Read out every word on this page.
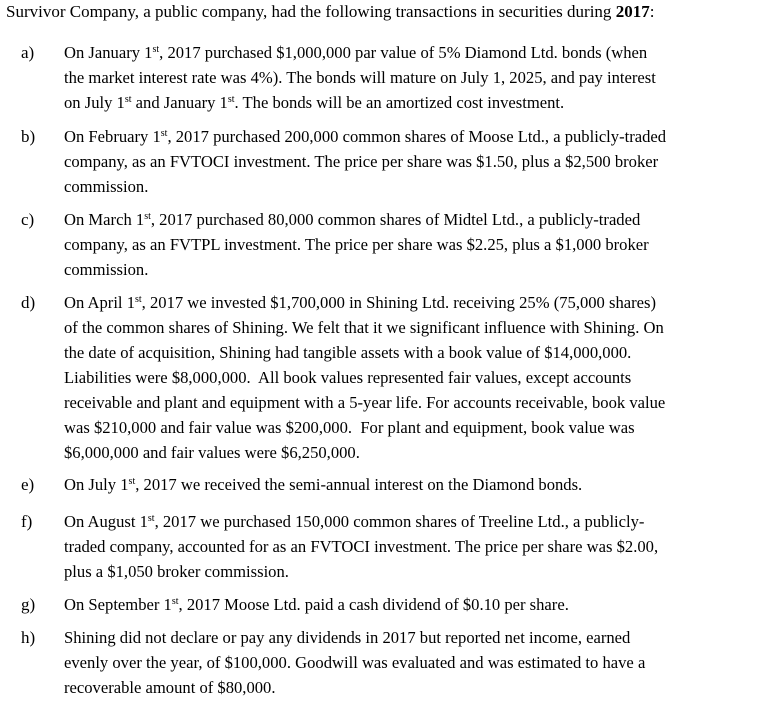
Survivor Company, a public company, had the following transactions in securities during 2017:
a) On January 1st, 2017 purchased $1,000,000 par value of 5% Diamond Ltd. bonds (when
the market interest rate was 4%). The bonds will mature on July 1, 2025, and pay interest
on July 1st and January 1st. The bonds will be an amortized cost investment.
b) On February 1st, 2017 purchased 200,000 common shares of Moose Ltd., a publicly-traded
company, as an FVTOCI investment. The price per share was $1.50, plus a $2,500 broker
commission.
c) On March 1st, 2017 purchased 80,000 common shares of Midtel Ltd., a publicly-traded
company, as an FVTPL investment. The price per share was $2.25, plus a $1,000 broker
commission.
d) On April 1st, 2017 we invested $1,700,000 in Shining Ltd. receiving 25% (75,000 shares)
of the common shares of Shining. We felt that it we significant influence with Shining. On
the date of acquisition, Shining had tangible assets with a book value of $14,000,000.
Liabilities were $8,000,000.  All book values represented fair values, except accounts
receivable and plant and equipment with a 5-year life. For accounts receivable, book value
was $210,000 and fair value was $200,000.  For plant and equipment, book value was
$6,000,000 and fair values were $6,250,000.
e) On July 1st, 2017 we received the semi-annual interest on the Diamond bonds.
f) On August 1st, 2017 we purchased 150,000 common shares of Treeline Ltd., a publicly-
traded company, accounted for as an FVTOCI investment. The price per share was $2.00,
plus a $1,050 broker commission.
g) On September 1st, 2017 Moose Ltd. paid a cash dividend of $0.10 per share.
h) Shining did not declare or pay any dividends in 2017 but reported net income, earned
evenly over the year, of $100,000. Goodwill was evaluated and was estimated to have a
recoverable amount of $80,000.
